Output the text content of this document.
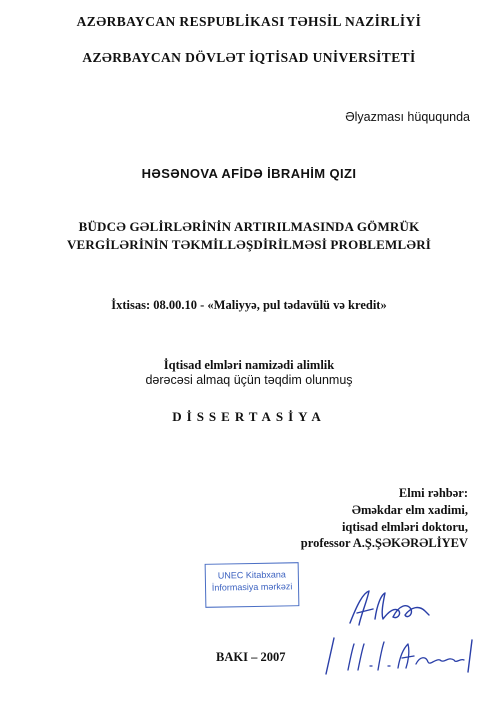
AZƏRBAYCAN RESPUBLİKASI TƏHSİL NAZİRLİYİ
AZƏRBAYCAN DÖVLƏT İQTİSAD UNİVERSİTETİ
Əlyazması hüququnda
HƏSƏNOVA AFİDƏ İBRAHİM QIZI
BÜDCƏ GƏLİRLƏRİNİN ARTIRILMASINDA GÖMRÜK
VERGİLƏRİNİN TƏKMİLLƏŞDİRİLMƏSİ PROBLEMLƏRİ
İxtisas: 08.00.10 - «Maliyyə, pul tədavülü və kredit»
İqtisad elmləri namizədi alimlik
dərəcəsi almaq üçün təqdim olunmuş
DİSSERTASİYA
Elmi rəhbər:
Əməkdar elm xadimi,
iqtisad elmləri doktoru,
professor A.Ş.ŞƏKƏRƏLİYEV
UNEC Kitabxana
İnformasiya mərkəzi
BAKI – 2007
